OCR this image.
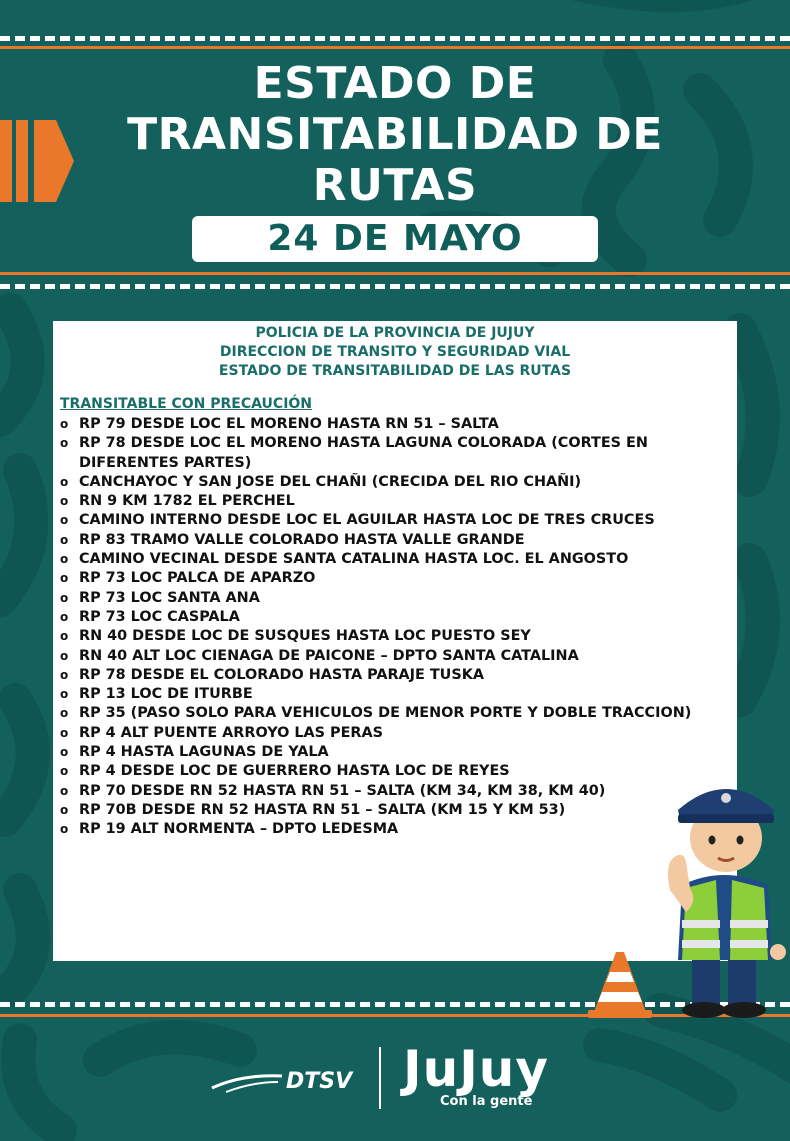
ESTADO DE
TRANSITABILIDAD DE
RUTAS
24 DE MAYO
POLICIA DE LA PROVINCIA DE JUJUY
DIRECCION DE TRANSITO Y SEGURIDAD VIAL
ESTADO DE TRANSITABILIDAD DE LAS RUTAS
TRANSITABLE CON PRECAUCIÓN
o RP 79 DESDE LOC EL MORENO HASTA RN 51 – SALTA
o RP 78 DESDE LOC EL MORENO HASTA LAGUNA COLORADA (CORTES EN DIFERENTES PARTES)
o CANCHAYOC Y SAN JOSE DEL CHAÑI (CRECIDA DEL RIO CHAÑI)
o RN 9 KM 1782 EL PERCHEL
o CAMINO INTERNO DESDE LOC EL AGUILAR HASTA LOC DE TRES CRUCES
o RP 83 TRAMO VALLE COLORADO HASTA VALLE GRANDE
o CAMINO VECINAL DESDE SANTA CATALINA HASTA LOC. EL ANGOSTO
o RP 73 LOC PALCA DE APARZO
o RP 73 LOC SANTA ANA
o RP 73 LOC CASPALA
o RN 40 DESDE LOC DE SUSQUES HASTA LOC PUESTO SEY
o RN 40 ALT LOC CIENAGA DE PAICONE – DPTO SANTA CATALINA
o RP 78 DESDE EL COLORADO HASTA PARAJE TUSKA
o RP 13 LOC DE ITURBE
o RP 35 (PASO SOLO PARA VEHICULOS DE MENOR PORTE Y DOBLE TRACCION)
o RP 4 ALT PUENTE ARROYO LAS PERAS
o RP 4 HASTA LAGUNAS DE YALA
o RP 4 DESDE LOC DE GUERRERO HASTA LOC DE REYES
o RP 70 DESDE RN 52 HASTA RN 51 – SALTA (KM 34, KM 38, KM 40)
o RP 70B DESDE RN 52 HASTA RN 51 – SALTA (KM 15 Y KM 53)
o RP 19 ALT NORMENTA – DPTO LEDESMA
DTSV JuJuy
Con la gente
